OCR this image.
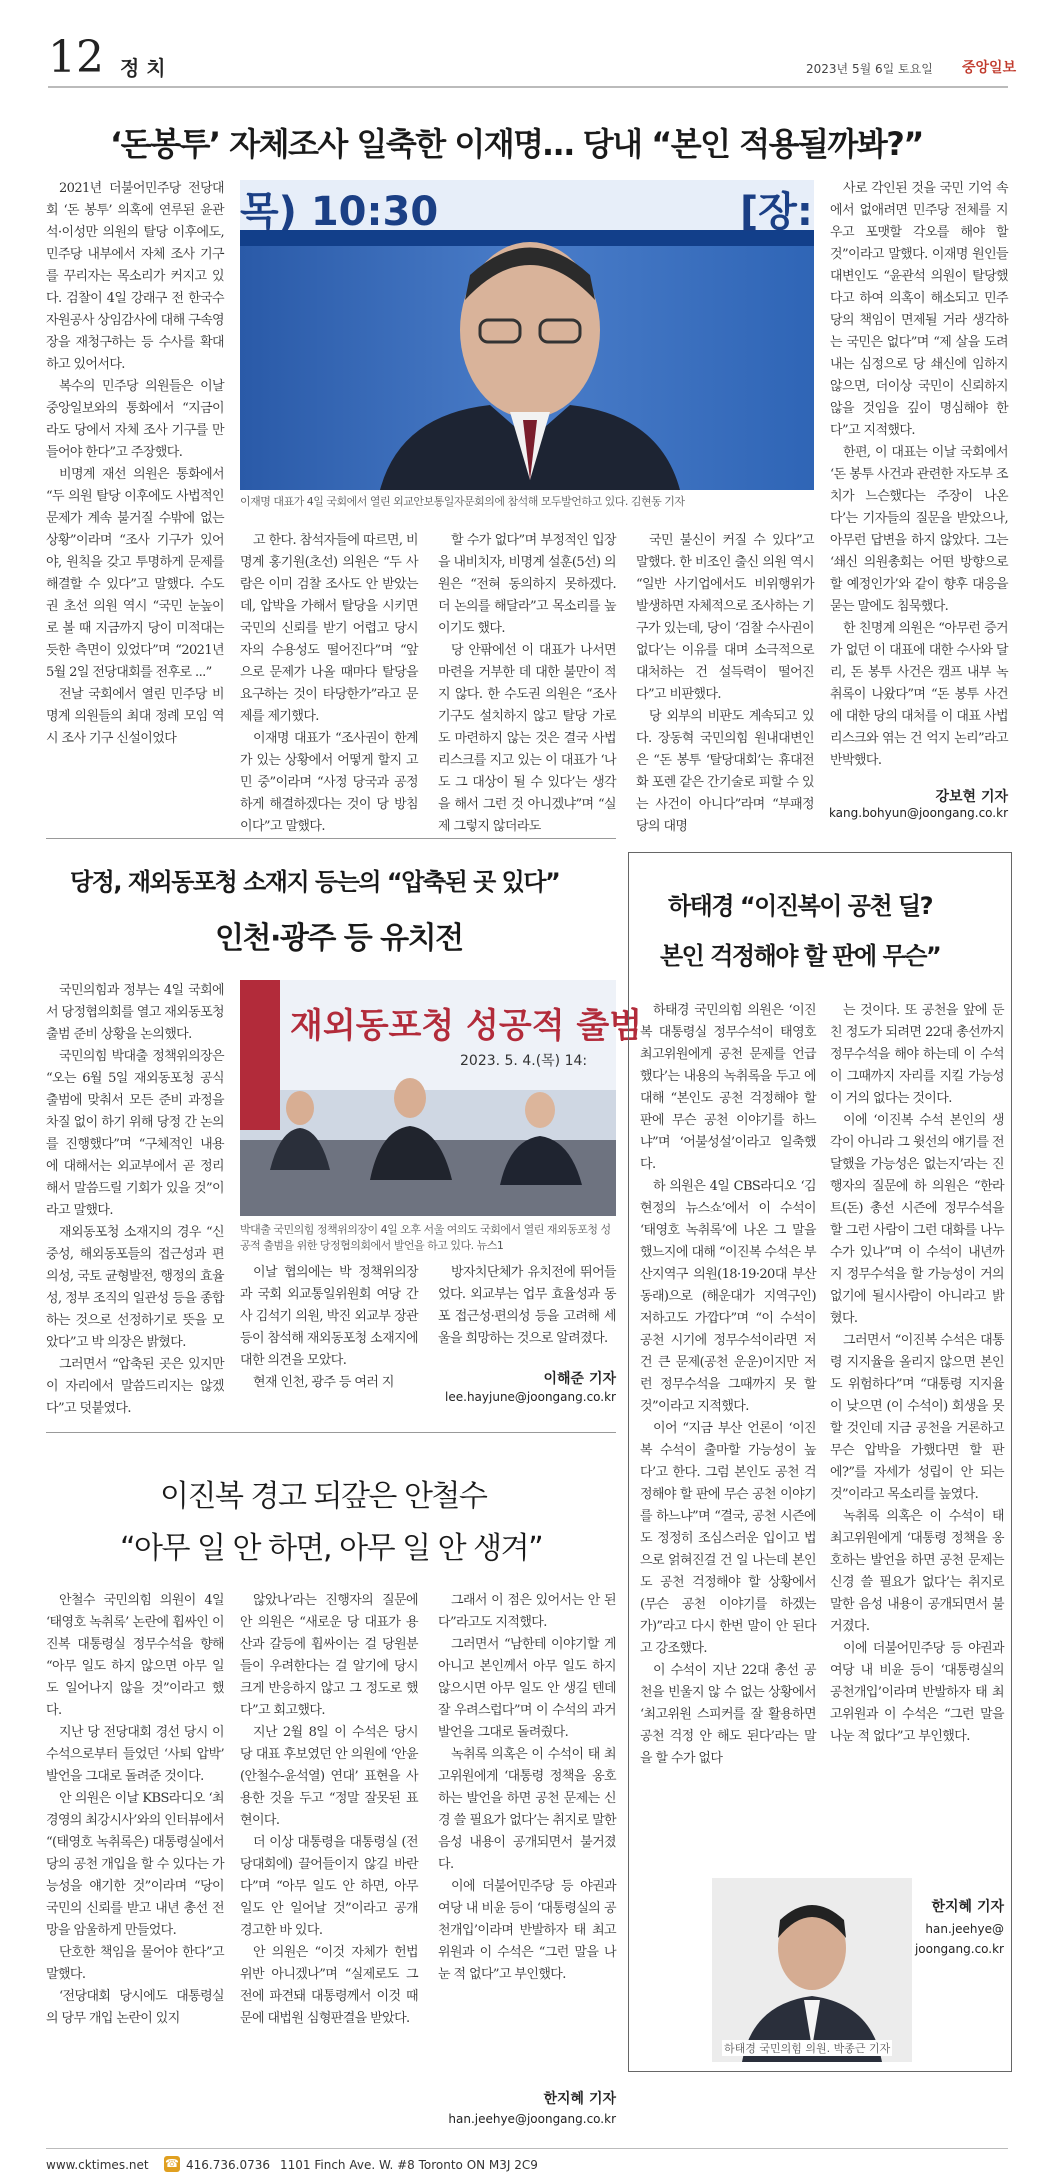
12 정 치	2023년 5월 6일 토요일 중앙일보
‘돈봉투’ 자체조사 일축한 이재명… 당내 “본인 적용될까봐?”

2021년 더불어민주당 전당대회 ‘돈 봉투’ 의혹에 연루된 윤관석·이성만 의원의 탈당 이후에도, 민주당 내부에서 자체 조사 기구를 꾸리자는 목소리가 커지고 있다. 검찰이 4일 강래구 전 한국수자원공사 상임감사에 대해 구속영장을 재청구하는 등 수사를 확대하고 있어서다.

복수의 민주당 의원들은 이날 중앙일보와의 통화에서 “지금이라도 당에서 자체 조사 기구를 만들어야 한다”고 주장했다.

비명계 재선 의원은 통화에서 “두 의원 탈당 이후에도 사법적인 문제가 계속 불거질 수밖에 없는 상황”이라며 “조사 기구가 있어야, 원칙을 갖고 투명하게 문제를 해결할 수 있다”고 말했다. 수도권 초선 의원 역시 “국민 눈높이로 볼 때 지금까지 당이 미적대는 듯한 측면이 있었다”며 “2021년 5월 2일 전당대회를 전후로 ...”

전날 국회에서 열린 민주당 비명계 의원들의 최대 정례 모임 역시 조사 기구 신설이었다

목) 10:30	[장:
이재명 대표가 4일 국회에서 열린 외교안보통일자문회의에 참석해 모두발언하고 있다. 김현동 기자

고 한다. 참석자들에 따르면, 비명계 홍기원(초선) 의원은 “두 사람은 이미 검찰 조사도 안 받았는데, 압박을 가해서 탈당을 시키면 국민의 신뢰를 받기 어렵고 당시자의 수용성도 떨어진다”며 “앞으로 문제가 나올 때마다 탈당을 요구하는 것이 타당한가”라고 문제를 제기했다.

이재명 대표가 “조사권이 한계가 있는 상황에서 어떻게 할지 고민 중”이라며 “사정 당국과 공정하게 해결하겠다는 것이 당 방침이다”고 말했다.

할 수가 없다”며 부정적인 입장을 내비치자, 비명계 설훈(5선) 의원은 “전혀 동의하지 못하겠다. 더 논의를 해달라”고 목소리를 높이기도 했다.

당 안팎에선 이 대표가 나서면 마련을 거부한 데 대한 불만이 적지 않다. 한 수도권 의원은 “조사 기구도 설치하지 않고 탈당 가로도 마련하지 않는 것은 결국 사법리스크를 지고 있는 이 대표가 ‘나도 그 대상이 될 수 있다’는 생각을 해서 그런 것 아니겠냐”며 “실제 그렇지 않더라도

국민 불신이 커질 수 있다”고 말했다. 한 비조인 출신 의원 역시 “일반 사기업에서도 비위행위가 발생하면 자체적으로 조사하는 기구가 있는데, 당이 ‘검찰 수사권이 없다’는 이유를 대며 소극적으로 대처하는 건 설득력이 떨어진다”고 비판했다.

당 외부의 비판도 계속되고 있다. 장동혁 국민의힘 원내대변인은 “돈 봉투 ‘탈당대회’는 휴대전화 포렌 같은 간기술로 피할 수 있는 사건이 아니다”라며 “부패정당의 대명

사로 각인된 것을 국민 기억 속에서 없애려면 민주당 전체를 지우고 포맷할 각오를 해야 할 것”이라고 말했다. 이재명 원인들 대변인도 “윤관석 의원이 탈당했다고 하여 의혹이 해소되고 민주당의 책임이 면제될 거라 생각하는 국민은 없다”며 “제 살을 도려내는 심정으로 당 쇄신에 임하지 않으면, 더이상 국민이 신뢰하지 않을 것임을 깊이 명심해야 한다”고 지적했다.

한편, 이 대표는 이날 국회에서 ‘돈 봉투 사건과 관련한 자도부 조치가 느슨했다는 주장이 나온다’는 기자들의 질문을 받았으나, 아무런 답변을 하지 않았다. 그는 ‘쇄신 의원총회는 어떤 방향으로 할 예정인가’와 같이 향후 대응을 묻는 말에도 침묵했다.

한 친명계 의원은 “아무런 증거가 없던 이 대표에 대한 수사와 달리, 돈 봉투 사건은 캠프 내부 녹취록이 나왔다”며 “돈 봉투 사건에 대한 당의 대처를 이 대표 사법리스크와 엮는 건 억지 논리”라고 반박했다.

강보현 기자
kang.bohyun@joongang.co.kr
당정, 재외동포청 소재지 등는의 “압축된 곳 있다”
인천·광주 등 유치전

국민의힘과 정부는 4일 국회에서 당정협의회를 열고 재외동포청 출범 준비 상황을 논의했다.

국민의힘 박대출 정책위의장은 “오는 6월 5일 재외동포청 공식 출범에 맞춰서 모든 준비 과정을 차질 없이 하기 위해 당정 간 논의를 진행했다”며 “구체적인 내용에 대해서는 외교부에서 곧 정리해서 말씀드릴 기회가 있을 것”이라고 말했다.

재외동포청 소재지의 경우 “신중성, 해외동포들의 접근성과 편의성, 국토 균형발전, 행정의 효율성, 정부 조직의 일관성 등을 종합하는 것으로 선정하기로 뜻을 모았다”고 박 의장은 밝혔다.

그러면서 “압축된 곳은 있지만 이 자리에서 말씀드리지는 않겠다”고 덧붙였다.

재외동포청 성공적 출범
2023. 5. 4.(목) 14:
박대출 국민의힘 정책위의장이 4일 오후 서울 여의도 국회에서 열린 재외동포청 성공적 출범을 위한 당정협의회에서 발언을 하고 있다. 뉴스1

이날 협의에는 박 정책위의장과 국회 외교통일위원회 여당 간사 김석기 의원, 박진 외교부 장관 등이 참석해 재외동포청 소재지에 대한 의견을 모았다.

현재 인천, 광주 등 여러 지

방자치단체가 유치전에 뛰어들었다. 외교부는 업무 효율성과 동포 접근성·편의성 등을 고려해 세울을 희망하는 것으로 알려졌다.

이해준 기자
lee.hayjune@joongang.co.kr
하태경 “이진복이 공천 딜?
본인 걱정해야 할 판에 무슨”

하태경 국민의힘 의원은 ‘이진복 대통령실 정무수석이 태영호 최고위원에게 공천 문제를 언급했다’는 내용의 녹취록을 두고 에 대해 “본인도 공천 걱정해야 할 판에 무슨 공천 이야기를 하느냐”며 ‘어불성설’이라고 일축했다.

하 의원은 4일 CBS라디오 ‘김현정의 뉴스쇼’에서 이 수석이 ‘태영호 녹취록’에 나온 그 말을 했느지에 대해 “이진복 수석은 부산지역구 의원(18·19·20대 부산 동래)으로 (해운대가 지역구인) 저하고도 가깝다”며 “이 수석이 공천 시기에 정무수석이라면 저건 큰 문제(공천 운운)이지만 저런 정무수석을 그때까지 못 할 것”이라고 지적했다.

이어 “지금 부산 언론이 ‘이진복 수석이 출마할 가능성이 높다’고 한다. 그럼 본인도 공천 걱정해야 할 판에 무슨 공천 이야기를 하느냐”며 “결국, 공천 시즌에도 정정히 조심스러운 입이고 법으로 얽혀진걸 건 일 나는데 본인도 공천 걱정해야 할 상황에서 (무슨 공천 이야기를 하겠는가)”라고 다시 한번 말이 안 된다고 강조했다.

이 수석이 지난 22대 총선 공천을 빈울지 않 수 없는 상황에서 ‘최고위원 스피커를 잘 활용하면 공천 걱정 안 해도 된다’라는 말을 할 수가 없다

는 것이다. 또 공천을 앞에 둔 친 정도가 되려면 22대 총선까지 정무수석을 해야 하는데 이 수석이 그때까지 자리를 지킬 가능성이 거의 없다는 것이다.

이에 ‘이진복 수석 본인의 생각이 아니라 그 윗선의 얘기를 전달했을 가능성은 없는지’라는 진행자의 질문에 하 의원은 “한라트(돈) 총선 시즌에 정무수석을 할 그런 사람이 그런 대화를 나누 수가 있나”며 이 수석이 내년까지 정무수석을 할 가능성이 거의 없기에 될시사람이 아니라고 밝혔다.

그러면서 “이진복 수석은 대통령 지지율을 올리지 않으면 본인도 위험하다”며 “대통령 지지율이 낮으면 (이 수석이) 회생을 못할 것인데 지금 공천을 거론하고 무슨 압박을 가했다면 할 판에?”를 자세가 성립이 안 되는 것”이라고 목소리를 높였다.

녹취록 의혹은 이 수석이 태 최고위원에게 ‘대통령 정책을 옹호하는 발언을 하면 공천 문제는 신경 쓸 필요가 없다’는 취지로 말한 음성 내용이 공개되면서 불거졌다.

이에 더불어민주당 등 야권과 여당 내 비윤 등이 ‘대통령실의 공천개입’이라며 반발하자 태 최고위원과 이 수석은 “그런 말을 나눈 적 없다”고 부인했다.

한지혜 기자
han.jeehye@
joongang.co.kr
하태경 국민의힘 의원. 박종근 기자
이진복 경고 되갚은 안철수
“아무 일 안 하면, 아무 일 안 생겨”

안철수 국민의힘 의원이 4일 ‘태영호 녹취록’ 논란에 휩싸인 이진복 대통령실 정무수석을 향해 “아무 일도 하지 않으면 아무 일도 일어나지 않을 것”이라고 했다.

지난 당 전당대회 경선 당시 이 수석으로부터 들었던 ‘사퇴 압박’ 발언을 그대로 돌려준 것이다.

안 의원은 이날 KBS라디오 ‘최경영의 최강시사’와의 인터뷰에서 “(태영호 녹취록은) 대통령실에서 당의 공천 개입을 할 수 있다는 가능성을 얘기한 것”이라며 “당이 국민의 신뢰를 받고 내년 총선 전망을 암울하게 만들었다.

단호한 책임을 물어야 한다”고 말했다.

‘전당대회 당시에도 대통령실의 당무 개입 논란이 있지

않았나’라는 진행자의 질문에 안 의원은 “새로운 당 대표가 용산과 갈등에 휩싸이는 걸 당원분들이 우려한다는 걸 알기에 당시 크게 반응하지 않고 그 정도로 했다”고 회고했다.

지난 2월 8일 이 수석은 당시 당 대표 후보였던 안 의원에 ‘안윤(안철수-윤석열) 연대’ 표현을 사용한 것을 두고 “정말 잘못된 표현이다.

더 이상 대통령을 대통령실 (전당대회에) 끌어들이지 않길 바란다”며 “아무 일도 안 하면, 아무 일도 안 일어날 것”이라고 공개 경고한 바 있다.

안 의원은 “이것 자체가 헌법 위반 아니겠나”며 “실제로도 그전에 파견돼 대통령께서 이것 때문에 대법원 심형판결을 받았다.

그래서 이 점은 있어서는 안 된다”라고도 지적했다.

그러면서 “남한테 이야기할 게 아니고 본인께서 아무 일도 하지 않으시면 아무 일도 안 생길 텐데 잘 우려스럽다”며 이 수석의 과거 발언을 그대로 돌려줬다.

녹취록 의혹은 이 수석이 태 최고위원에게 ‘대통령 정책을 옹호하는 발언을 하면 공천 문제는 신경 쓸 필요가 없다’는 취지로 말한 음성 내용이 공개되면서 불거졌다.

이에 더불어민주당 등 야권과 여당 내 비윤 등이 ‘대통령실의 공천개입’이라며 반발하자 태 최고위원과 이 수석은 “그런 말을 나눈 적 없다”고 부인했다.

한지혜 기자
han.jeehye@joongang.co.kr
www.cktimes.net ☎ 416.736.0736 1101 Finch Ave. W. #8 Toronto ON M3J 2C9
